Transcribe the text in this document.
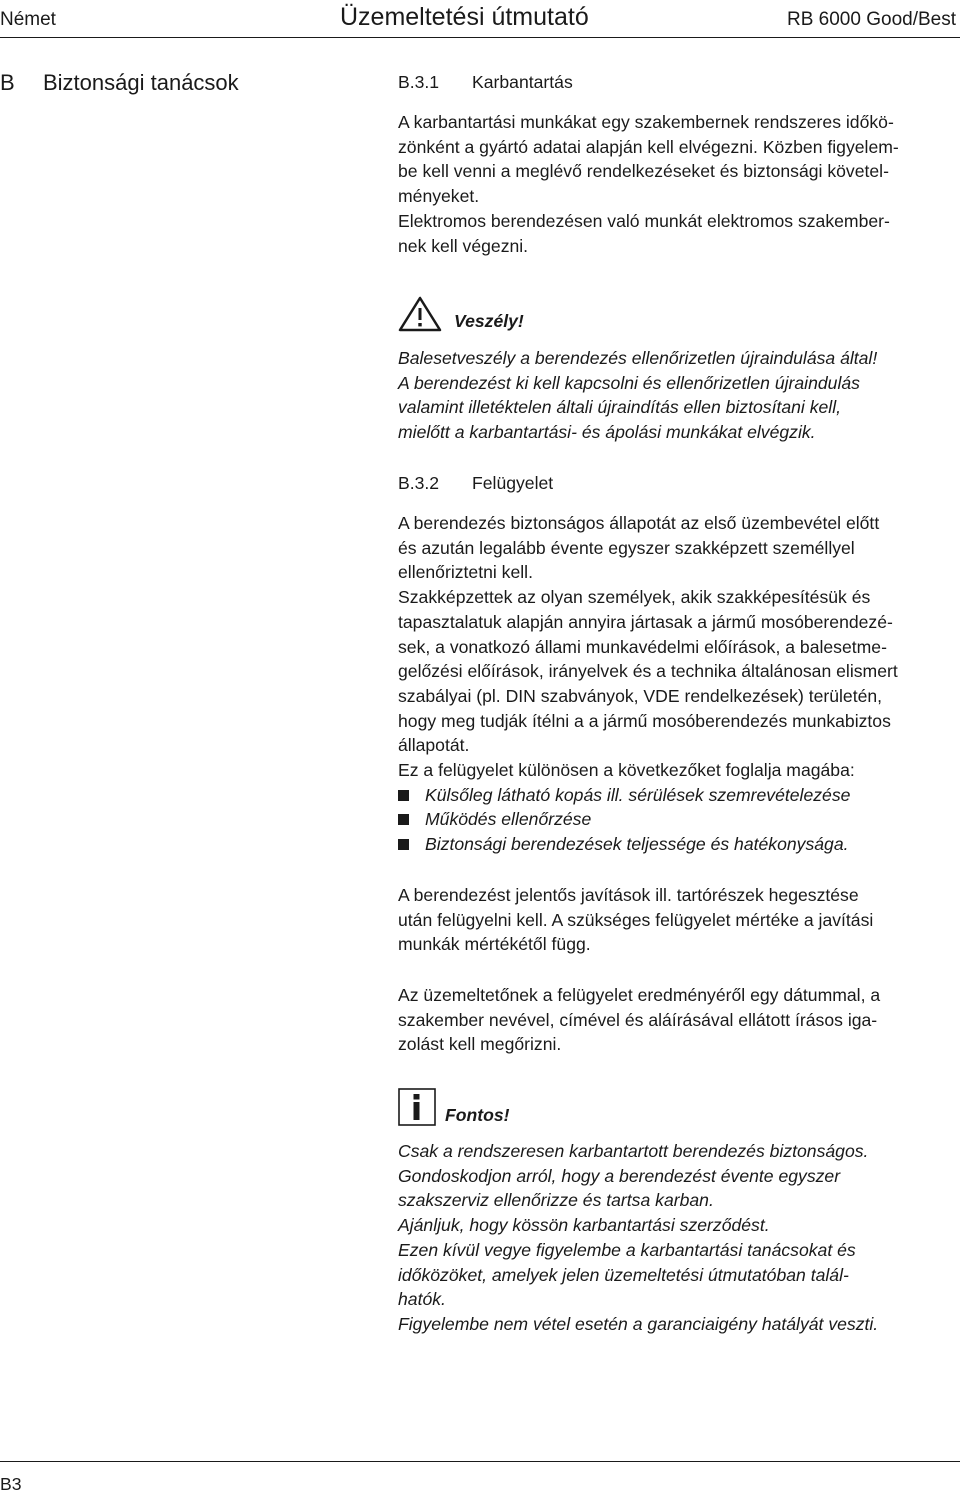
Német	Üzemeltetési útmutató	RB 6000 Good/Best
B Biztonsági tanácsok	B.3.1 Karbantartás
A karbantartási munkákat egy szakembernek rendszeres időkö-
zönként a gyártó adatai alapján kell elvégezni. Közben figyelem-
be kell venni a meglévő rendelkezéseket és biztonsági követel-
ményeket.
Elektromos berendezésen való munkát elektromos szakember-
nek kell végezni.
Veszély!
Balesetveszély a berendezés ellenőrizetlen újraindulása által!
A berendezést ki kell kapcsolni és ellenőrizetlen újraindulás
valamint illetéktelen általi újraindítás ellen biztosítani kell,
mielőtt a karbantartási- és ápolási munkákat elvégzik.
B.3.2 Felügyelet
A berendezés biztonságos állapotát az első üzembevétel előtt
és azután legalább évente egyszer szakképzett személlyel
ellenőriztetni kell.
Szakképzettek az olyan személyek, akik szakképesítésük és
tapasztalatuk alapján annyira jártasak a jármű mosóberendezé-
sek, a vonatkozó állami munkavédelmi előírások, a balesetme-
gelőzési előírások, irányelvek és a technika általánosan elismert
szabályai (pl. DIN szabványok, VDE rendelkezések) területén,
hogy meg tudják ítélni a a jármű mosóberendezés munkabiztos
állapotát.
Ez a felügyelet különösen a következőket foglalja magába:
Külsőleg látható kopás ill. sérülések szemrevételezése
Működés ellenőrzése
Biztonsági berendezések teljessége és hatékonysága.
A berendezést jelentős javítások ill. tartórészek hegesztése
után felügyelni kell. A szükséges felügyelet mértéke a javítási
munkák mértékétől függ.
Az üzemeltetőnek a felügyelet eredményéről egy dátummal, a
szakember nevével, címével és aláírásával ellátott írásos iga-
zolást kell megőrizni.
Fontos!
Csak a rendszeresen karbantartott berendezés biztonságos.
Gondoskodjon arról, hogy a berendezést évente egyszer
szakszerviz ellenőrizze és tartsa karban.
Ajánljuk, hogy kössön karbantartási szerződést.
Ezen kívül vegye figyelembe a karbantartási tanácsokat és
időközöket, amelyek jelen üzemeltetési útmutatóban talál-
hatók.
Figyelembe nem vétel esetén a garanciaigény hatályát veszti.
B3
